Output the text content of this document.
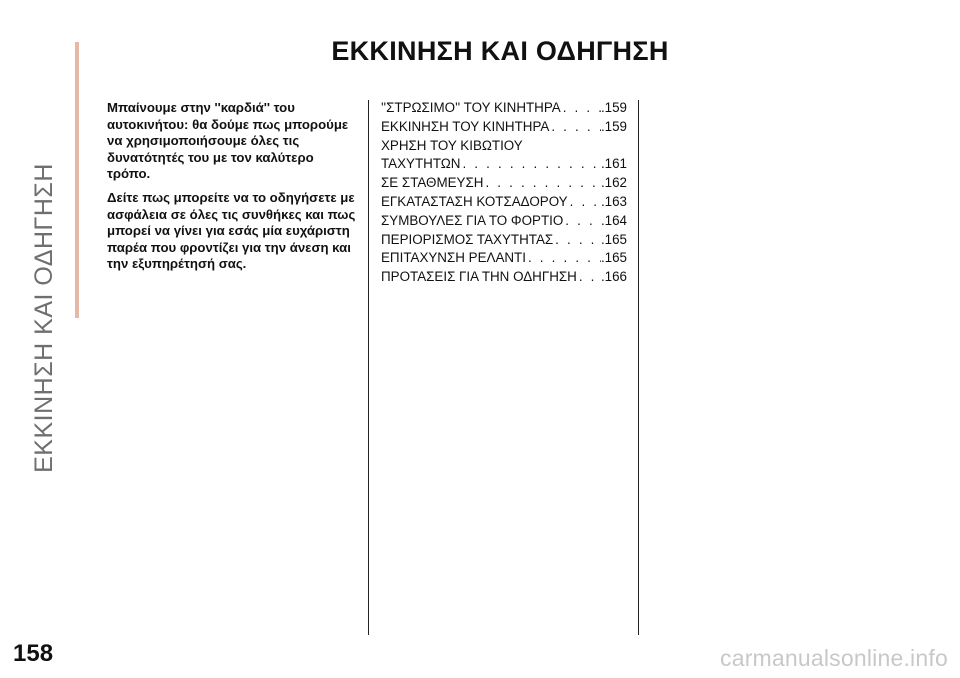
ΕΚΚΙΝΗΣΗ ΚΑΙ ΟΔΗΓΗΣΗ
ΕΚΚΙΝΗΣΗ ΚΑΙ ΟΔΗΓΗΣΗ

Μπαίνουμε στην ''καρδιά'' του αυτοκινήτου: θα δούμε πως μπορούμε να χρησιμοποιήσουμε όλες τις δυνατότητές του με τον καλύτερο τρόπο.

Δείτε πως μπορείτε να το οδηγήσετε με ασφάλεια σε όλες τις συνθήκες και πως μπορεί να γίνει για εσάς μία ευχάριστη παρέα που φροντίζει για την άνεση και την εξυπηρέτησή σας.

''ΣΤΡΩΣΙΜΟ'' ΤΟΥ ΚΙΝΗΤΗΡΑ . . .	.159
ΕΚΚΙΝΗΣΗ ΤΟΥ ΚΙΝΗΤΗΡΑ . . .	.159
ΧΡΗΣΗ ΤΟΥ ΚΙΒΩΤΙΟΥ
ΤΑΧΥΤΗΤΩΝ . . .	.161
ΣΕ ΣΤΑΘΜΕΥΣΗ . . .	.162
ΕΓΚΑΤΑΣΤΑΣΗ ΚΟΤΣΑΔΟΡΟΥ . . . .163
ΣΥΜΒΟΥΛΕΣ ΓΙΑ ΤΟ ΦΟΡΤΙΟ . . .	.164
ΠΕΡΙΟΡΙΣΜΟΣ ΤΑΧΥΤΗΤΑΣ . . .	.165
ΕΠΙΤΑΧΥΝΣΗ ΡΕΛΑΝΤΙ . . .	.165
ΠΡΟΤΑΣΕΙΣ ΓΙΑ ΤΗΝ ΟΔΗΓΗΣΗ . . . .166
158	carmanualsonline.info
